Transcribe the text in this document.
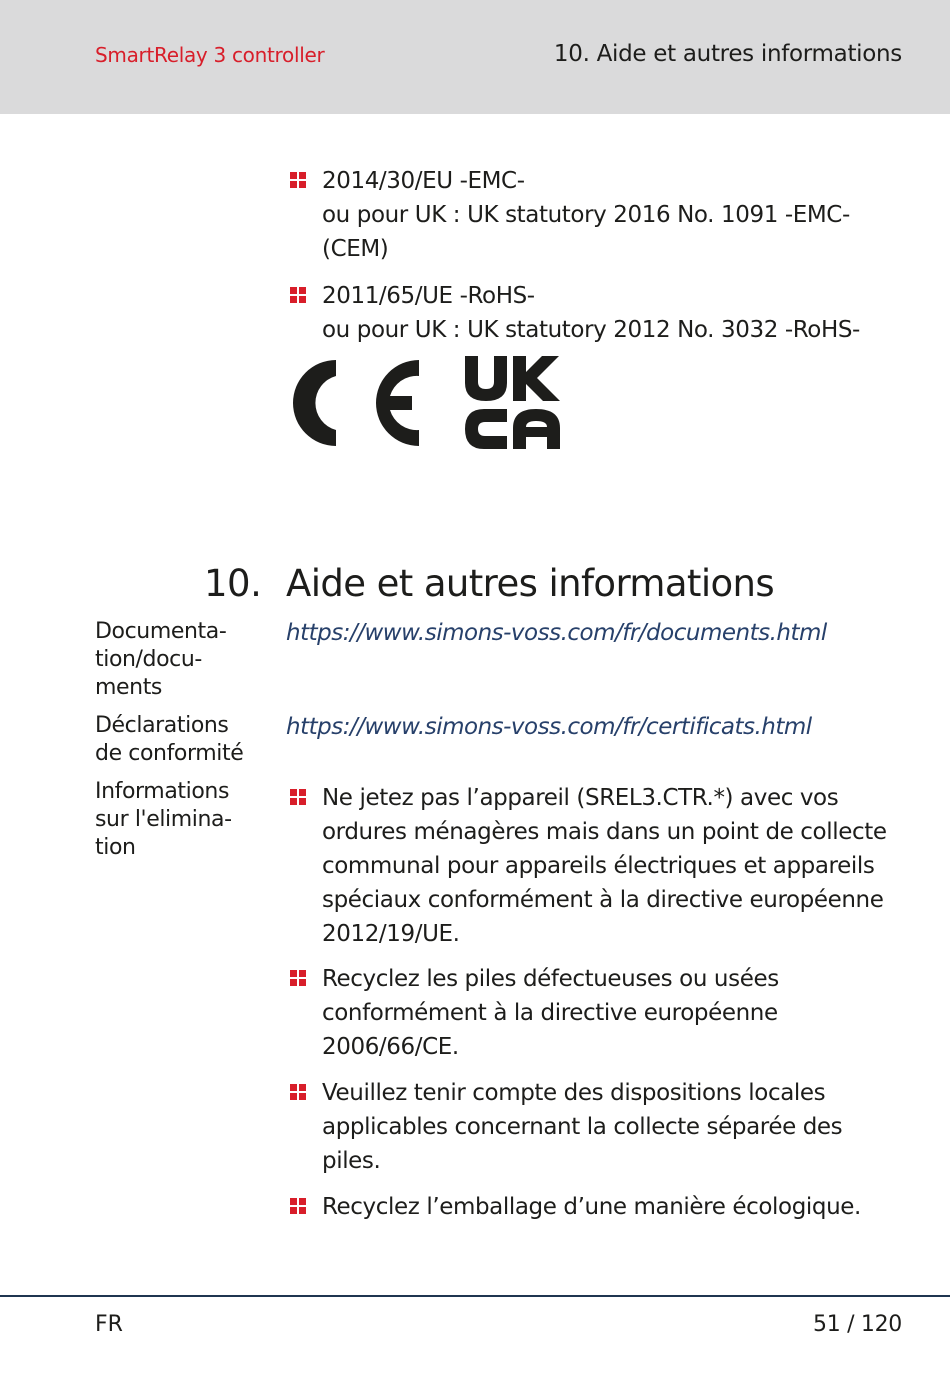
SmartRelay 3 controller	10. Aide et autres informations
2014/30/EU -EMC-
ou pour UK : UK statutory 2016 No. 1091 -EMC-
(CEM)
2011/65/UE -RoHS-
ou pour UK : UK statutory 2012 No. 3032 -RoHS-
10. Aide et autres informations
Documenta-
tion/docu-
ments
https://www.simons-voss.com/fr/documents.html
Déclarations
de conformité
https://www.simons-voss.com/fr/certificats.html
Informations
sur l'elimina-
tion
Ne jetez pas l’appareil (SREL3.CTR.*) avec vos
ordures ménagères mais dans un point de collecte
communal pour appareils électriques et appareils
spéciaux conformément à la directive européenne
2012/19/UE.
Recyclez les piles défectueuses ou usées
conformément à la directive européenne
2006/66/CE.
Veuillez tenir compte des dispositions locales
applicables concernant la collecte séparée des
piles.
Recyclez l’emballage d’une manière écologique.
FR	51 / 120
